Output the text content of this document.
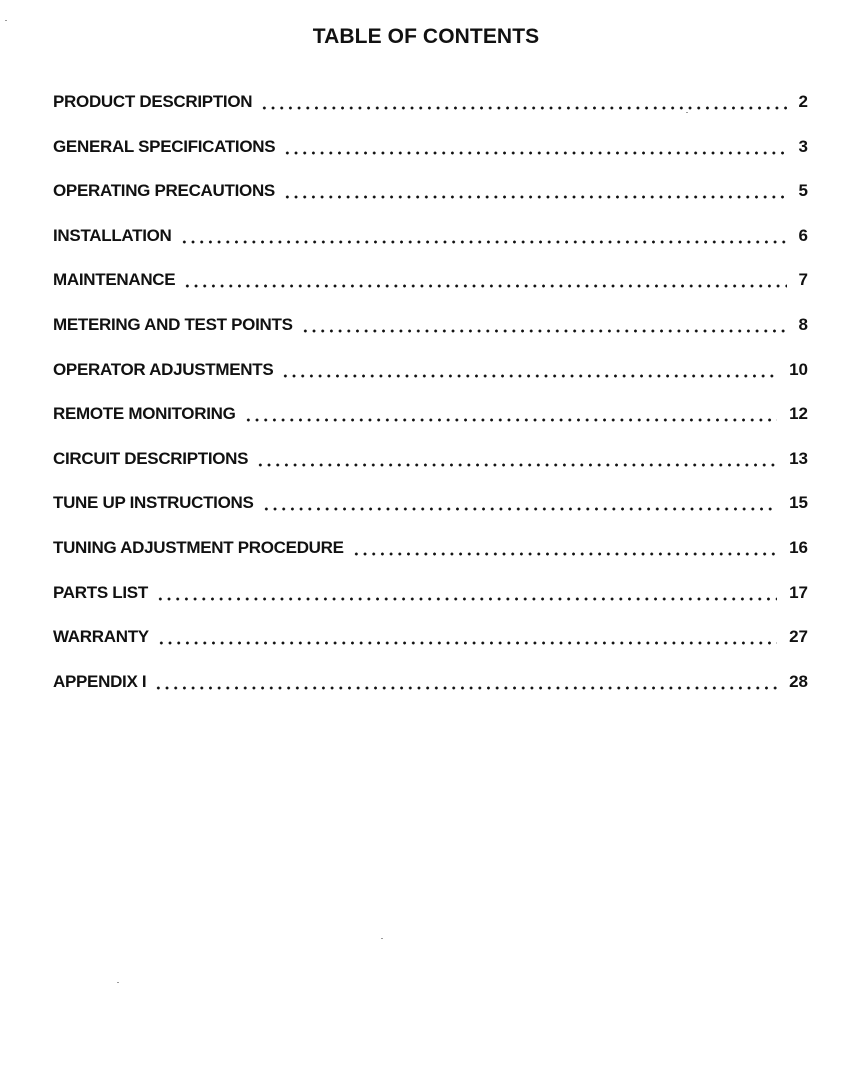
TABLE OF CONTENTS
PRODUCT DESCRIPTION	2
GENERAL SPECIFICATIONS	3
OPERATING PRECAUTIONS	5
INSTALLATION	6
MAINTENANCE	7
METERING AND TEST POINTS	8
OPERATOR ADJUSTMENTS	10
REMOTE MONITORING	12
CIRCUIT DESCRIPTIONS	13
TUNE UP INSTRUCTIONS	15
TUNING ADJUSTMENT PROCEDURE	16
PARTS LIST	17
WARRANTY	27
APPENDIX I	28
